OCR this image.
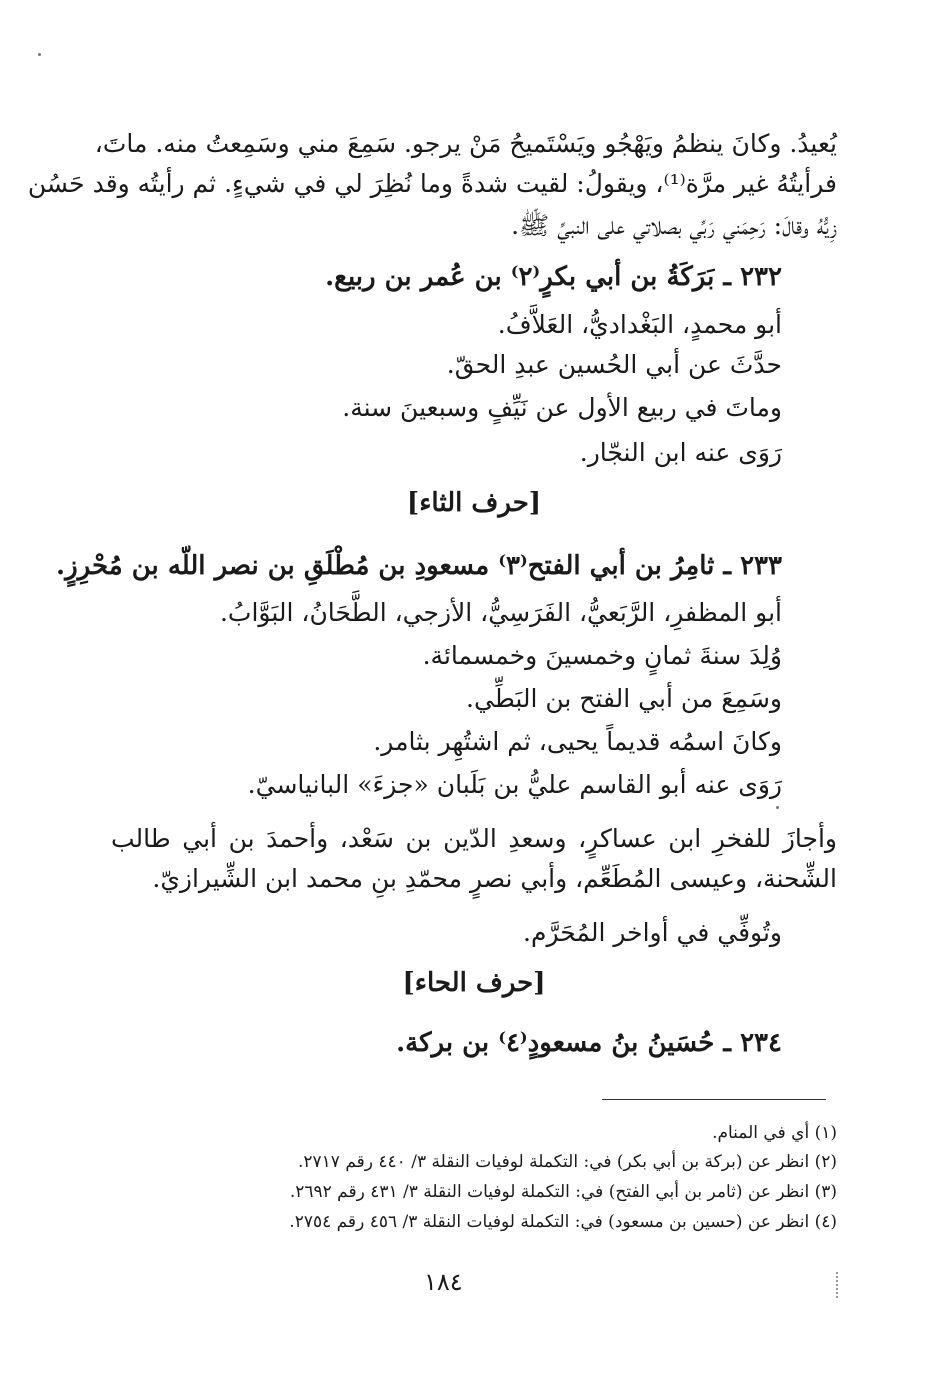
يُعيدُ. وكانَ ينظمُ ويَهْجُو ويَسْتَميحُ مَنْ يرجو. سَمِعَ مني وسَمِعتُ منه. ماتَ،
فرأيتُهُ غير مرَّة⁽¹⁾، ويقولُ: لقيت شدةً وما نُظِرَ لي في شيءٍ. ثم رأيتُه وقد حَسُن
زِيُّهُ وقالَ: رَحِمَني رَبِّي بصلاتي على النبيِّ ﷺ.
٢٣٢ ـ بَرَكَةُ بن أبي بكرٍ⁽٢⁾ بن عُمر بن ربيع.
أبو محمدٍ، البَغْداديُّ، العَلاَّفُ.
حدَّثَ عن أبي الحُسين عبدِ الحقّ.
وماتَ في ربيع الأول عن نَيِّفٍ وسبعينَ سنة.
رَوَى عنه ابن النجّار.
[حرف الثاء]
٢٣٣ ـ ثامِرُ بن أبي الفتح⁽٣⁾ مسعودِ بن مُطْلَقِ بن نصر اللّه بن مُحْرِزٍ.
أبو المظفرِ، الرَّبَعيُّ، الفَرَسِيُّ، الأزجي، الطَّحَانُ، البَوَّابُ.
وُلِدَ سنةَ ثمانٍ وخمسينَ وخمسمائة.
وسَمِعَ من أبي الفتح بن البَطِّي.
وكانَ اسمُه قديماً يحيى، ثم اشتُهِر بثامر.
رَوَى عنه أبو القاسم عليُّ بن بَلَبان «جزءَ» البانياسيّ.
وأجازَ للفخرِ ابن عساكرٍ، وسعدِ الدّين بن سَعْد، وأحمدَ بن أبي طالب
الشِّحنة، وعيسى المُطَعِّم، وأبي نصرٍ محمّدِ بنِ محمد ابن الشِّيرازيّ.
وتُوفِّي في أواخر المُحَرَّم.
[حرف الحاء]
٢٣٤ ـ حُسَينُ بنُ مسعودٍ⁽٤⁾ بن بركة.
(١) أي في المنام.
(٢) انظر عن (بركة بن أبي بكر) في: التكملة لوفيات النقلة ٣/ ٤٤٠ رقم ٢٧١٧.
(٣) انظر عن (ثامر بن أبي الفتح) في: التكملة لوفيات النقلة ٣/ ٤٣١ رقم ٢٦٩٢.
(٤) انظر عن (حسين بن مسعود) في: التكملة لوفيات النقلة ٣/ ٤٥٦ رقم ٢٧٥٤.
١٨٤
